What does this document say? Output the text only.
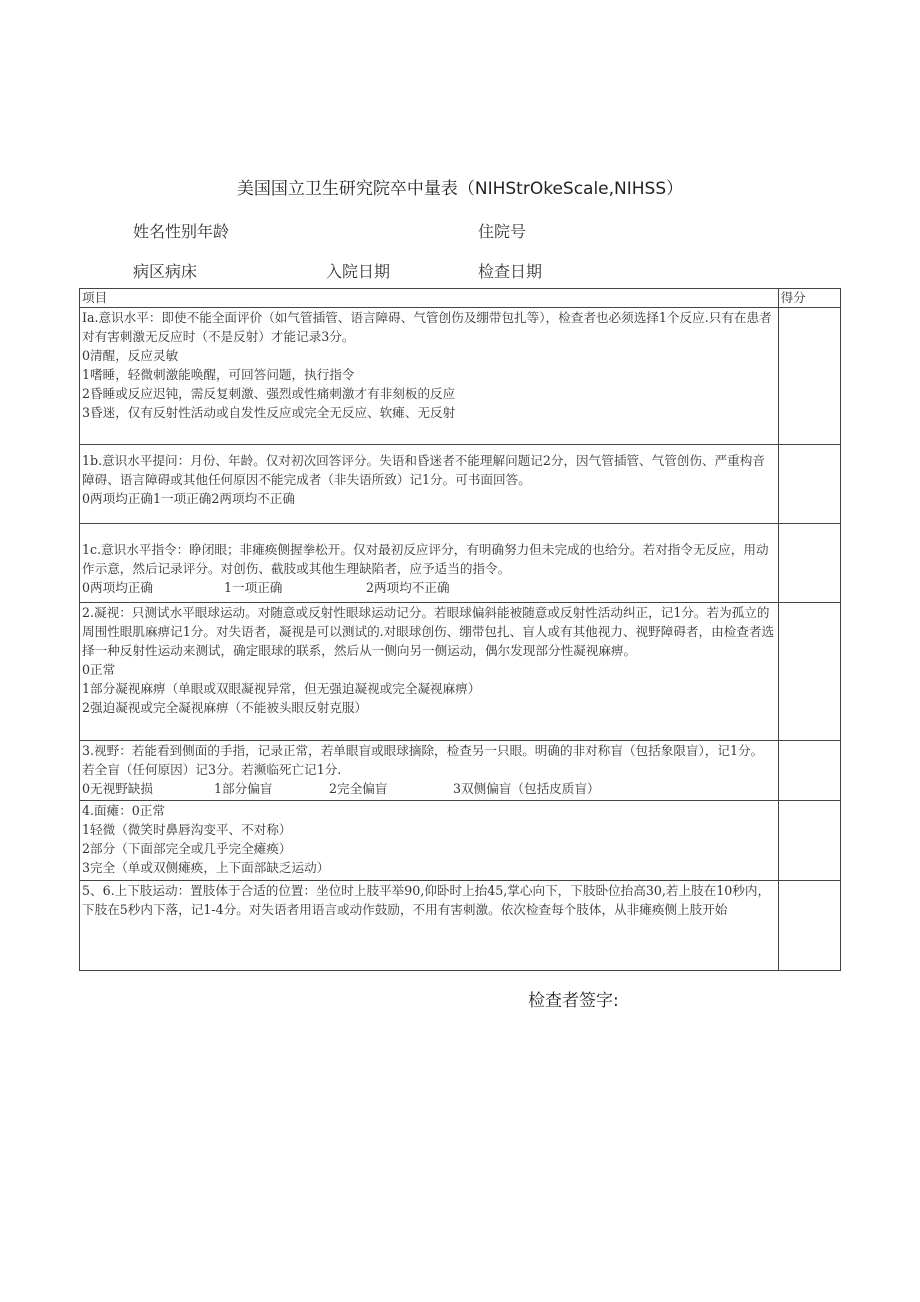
美国国立卫生研究院卒中量表（NIHStrOkeScale,NIHSS）
姓名性别年龄	住院号
病区病床	入院日期	检查日期
项目	得分

Ia.意识水平：即使不能全面评价（如气管插管、语言障碍、气管创伤及绷带包扎等），检查者也必须选择1个反应.只有在患者对有害刺激无反应时（不是反射）才能记录3分。
0清醒，反应灵敏
1嗜睡，轻微刺激能唤醒，可回答问题，执行指令
2昏睡或反应迟钝，需反复刺激、强烈或性痛刺激才有非刻板的反应
3昏迷，仅有反射性活动或自发性反应或完全无反应、软瘫、无反射	

1b.意识水平提问：月份、年龄。仅对初次回答评分。失语和昏迷者不能理解问题记2分，因气管插管、气管创伤、严重构音障碍、语言障碍或其他任何原因不能完成者（非失语所致）记1分。可书面回答。
0两项均正确1一项正确2两项均不正确	

1c.意识水平指令：睁闭眼；非瘫痪侧握拳松开。仅对最初反应评分，有明确努力但未完成的也给分。若对指令无反应，用动作示意，然后记录评分。对创伤、截肢或其他生理缺陷者，应予适当的指令。
0两项均正确 1一项正确 2两项均不正确	

2.凝视：只测试水平眼球运动。对随意或反射性眼球运动记分。若眼球偏斜能被随意或反射性活动纠正，记1分。若为孤立的周围性眼肌麻痹记1分。对失语者，凝视是可以测试的.对眼球创伤、绷带包扎、盲人或有其他视力、视野障碍者，由检查者选择一种反射性运动来测试，确定眼球的联系，然后从一侧向另一侧运动，偶尔发现部分性凝视麻痹。
0正常
1部分凝视麻痹（单眼或双眼凝视异常，但无强迫凝视或完全凝视麻痹）
2强迫凝视或完全凝视麻痹（不能被头眼反射克服）	

3.视野：若能看到侧面的手指，记录正常，若单眼盲或眼球摘除，检查另一只眼。明确的非对称盲（包括象限盲），记1分。若全盲（任何原因）记3分。若濒临死亡记1分.
0无视野缺损 1部分偏盲 2完全偏盲 3双侧偏盲（包括皮质盲）	

4.面瘫：0正常
1轻微（微笑时鼻唇沟变平、不对称）
2部分（下面部完全或几乎完全瘫痪）
3完全（单或双侧瘫痪，上下面部缺乏运动）	

5、6.上下肢运动：置肢体于合适的位置：坐位时上肢平举90,仰卧时上抬45,掌心向下，下肢卧位抬高30,若上肢在10秒内，下肢在5秒内下落，记1-4分。对失语者用语言或动作鼓励，不用有害刺激。依次检查每个肢体，从非瘫痪侧上肢开始	

检查者签字:
